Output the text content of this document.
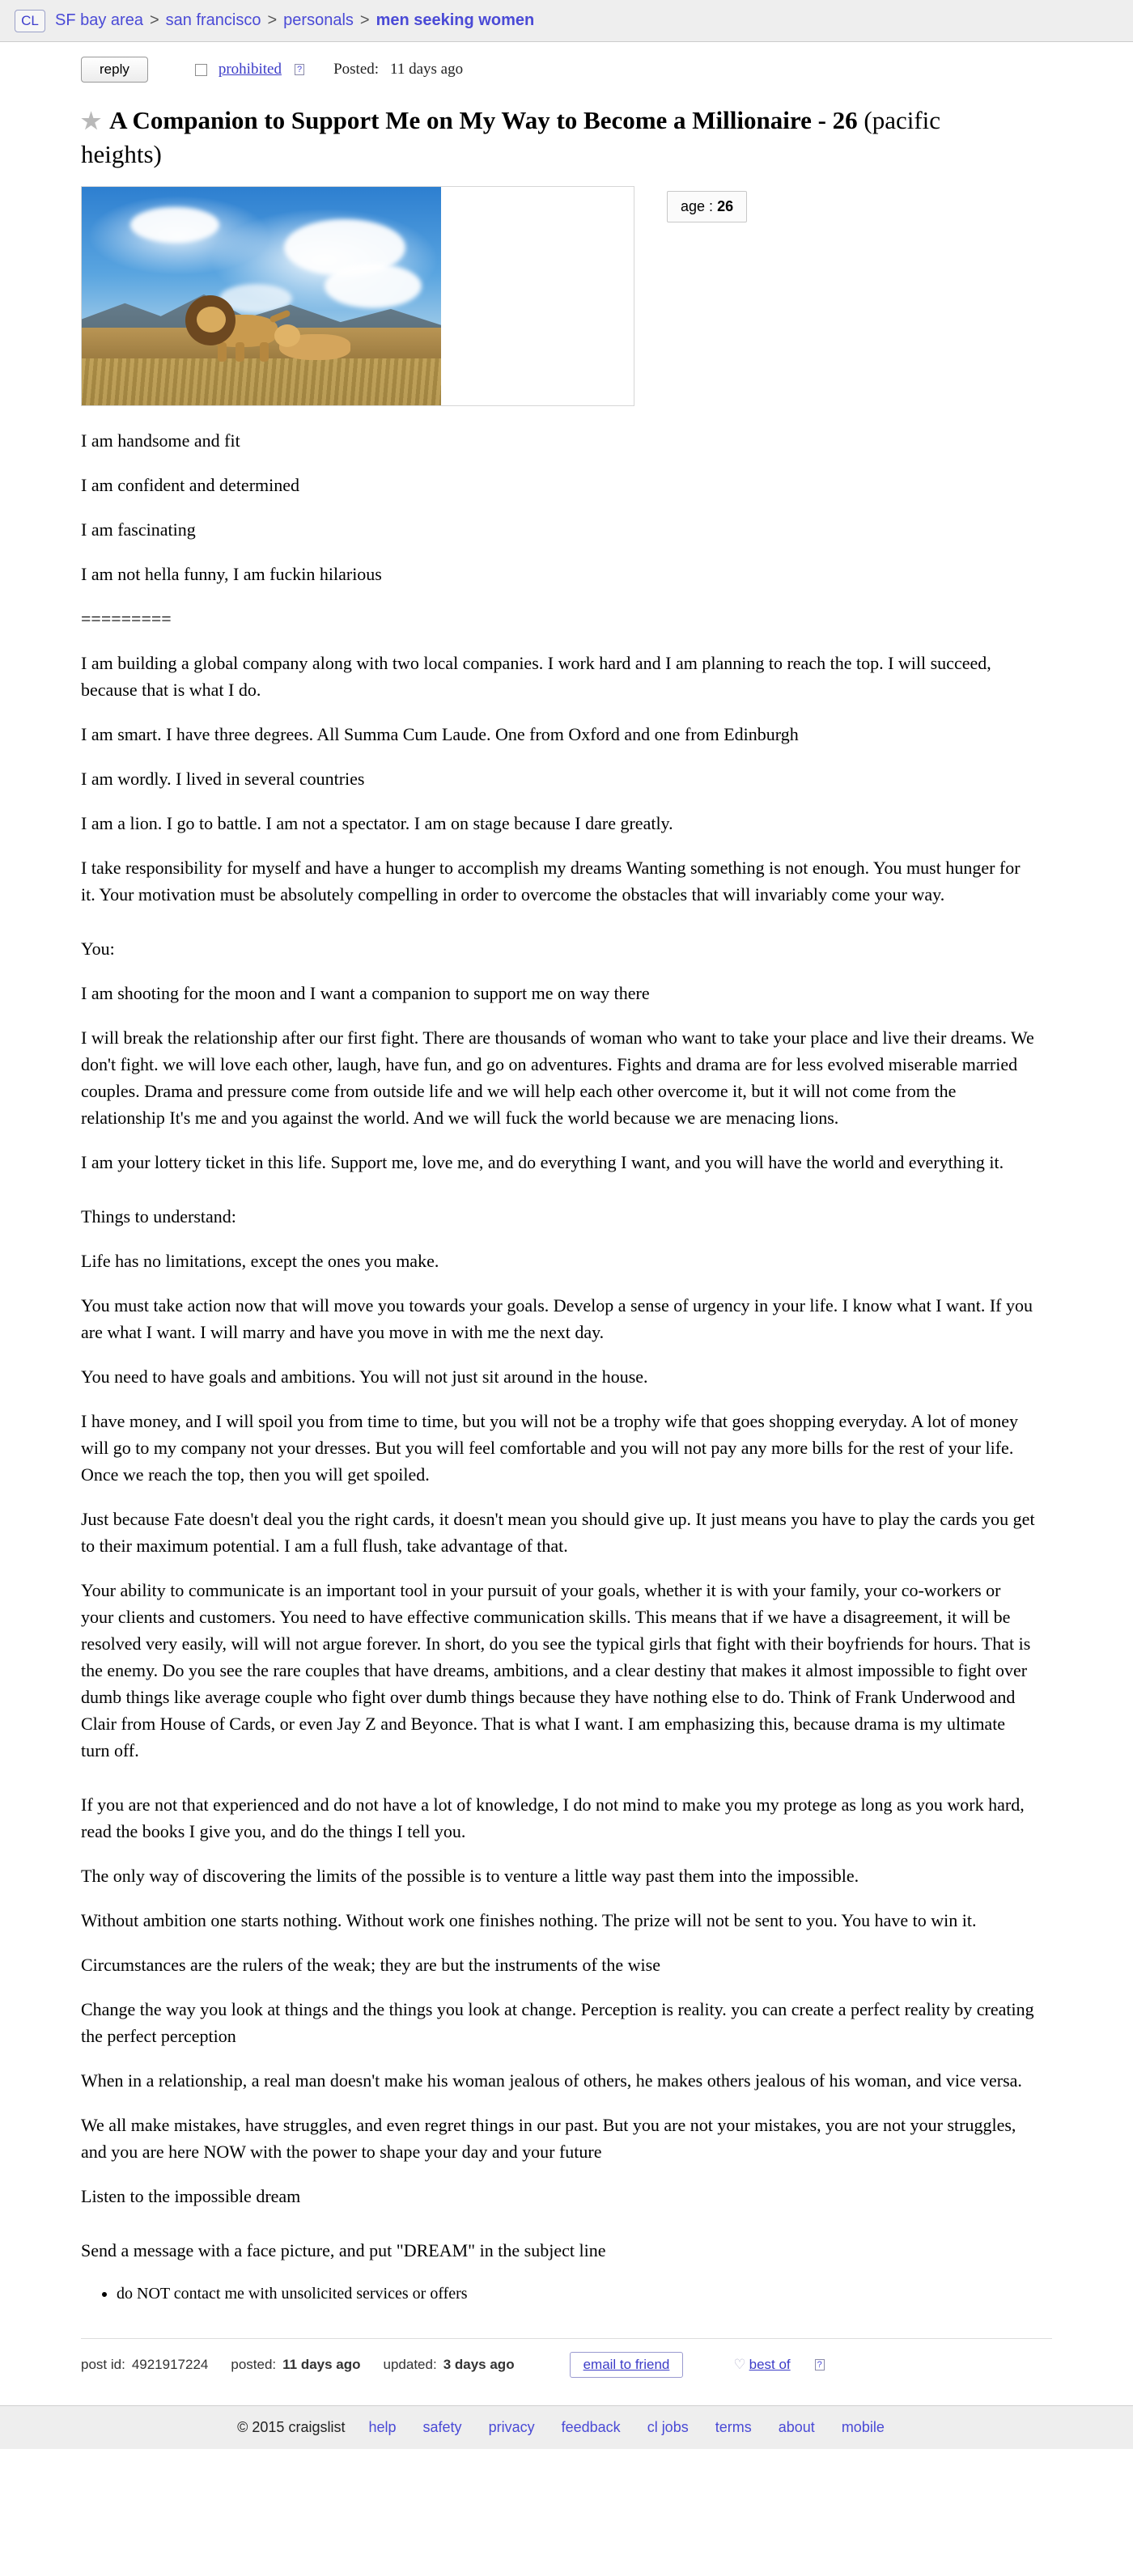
CL	SF bay area > san francisco > personals > men seeking women
reply	prohibited ? Posted: 11 days ago
★ A Companion to Support Me on My Way to Become a Millionaire - 26 (pacific heights)
age : 26

I am handsome and fit

I am confident and determined

I am fascinating

I am not hella funny, I am fuckin hilarious

=========

I am building a global company along with two local companies. I work hard and I am planning to reach the top. I will succeed, because that is what I do.

I am smart. I have three degrees. All Summa Cum Laude. One from Oxford and one from Edinburgh

I am wordly. I lived in several countries

I am a lion. I go to battle. I am not a spectator. I am on stage because I dare greatly.

I take responsibility for myself and have a hunger to accomplish my dreams Wanting something is not enough. You must hunger for it. Your motivation must be absolutely compelling in order to overcome the obstacles that will invariably come your way.

You:

I am shooting for the moon and I want a companion to support me on way there

I will break the relationship after our first fight. There are thousands of woman who want to take your place and live their dreams. We don't fight. we will love each other, laugh, have fun, and go on adventures. Fights and drama are for less evolved miserable married couples. Drama and pressure come from outside life and we will help each other overcome it, but it will not come from the relationship It's me and you against the world. And we will fuck the world because we are menacing lions.

I am your lottery ticket in this life. Support me, love me, and do everything I want, and you will have the world and everything it.

Things to understand:

Life has no limitations, except the ones you make.

You must take action now that will move you towards your goals. Develop a sense of urgency in your life. I know what I want. If you are what I want. I will marry and have you move in with me the next day.

You need to have goals and ambitions. You will not just sit around in the house.

I have money, and I will spoil you from time to time, but you will not be a trophy wife that goes shopping everyday. A lot of money will go to my company not your dresses. But you will feel comfortable and you will not pay any more bills for the rest of your life. Once we reach the top, then you will get spoiled.

Just because Fate doesn't deal you the right cards, it doesn't mean you should give up. It just means you have to play the cards you get to their maximum potential. I am a full flush, take advantage of that.

Your ability to communicate is an important tool in your pursuit of your goals, whether it is with your family, your co-workers or your clients and customers. You need to have effective communication skills. This means that if we have a disagreement, it will be resolved very easily, will will not argue forever. In short, do you see the typical girls that fight with their boyfriends for hours. That is the enemy. Do you see the rare couples that have dreams, ambitions, and a clear destiny that makes it almost impossible to fight over dumb things like average couple who fight over dumb things because they have nothing else to do. Think of Frank Underwood and Clair from House of Cards, or even Jay Z and Beyonce. That is what I want. I am emphasizing this, because drama is my ultimate turn off.

If you are not that experienced and do not have a lot of knowledge, I do not mind to make you my protege as long as you work hard, read the books I give you, and do the things I tell you.

The only way of discovering the limits of the possible is to venture a little way past them into the impossible.

Without ambition one starts nothing. Without work one finishes nothing. The prize will not be sent to you. You have to win it.

Circumstances are the rulers of the weak; they are but the instruments of the wise

Change the way you look at things and the things you look at change. Perception is reality. you can create a perfect reality by creating the perfect perception

When in a relationship, a real man doesn't make his woman jealous of others, he makes others jealous of his woman, and vice versa.

We all make mistakes, have struggles, and even regret things in our past. But you are not your mistakes, you are not your struggles, and you are here NOW with the power to shape your day and your future

Listen to the impossible dream

Send a message with a face picture, and put "DREAM" in the subject line

• do NOT contact me with unsolicited services or offers
post id: 4921917224 posted: 11 days ago updated: 3 days ago	email to friend	♡ best of	?
© 2015 craigslist help safety privacy feedback cl jobs terms about mobile
